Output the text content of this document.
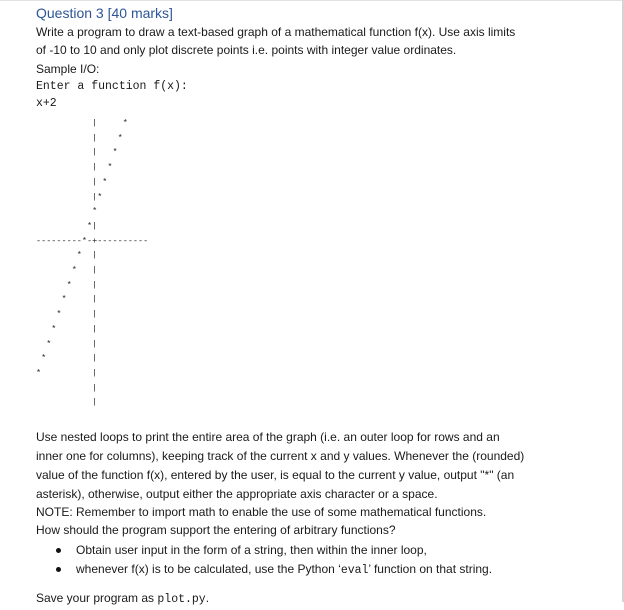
Question 3 [40 marks]
Write a program to draw a text-based graph of a mathematical function f(x). Use axis limits
of -10 to 10 and only plot discrete points i.e. points with integer value ordinates.
Sample I/O:
Enter a function f(x):
x+2
|     *
|    *
|   *
|  *
| *
|*
*
*|
---------*-+----------
*  |
*   |
*    |
*     |
*      |
*       |
*        |
*         |
*          |
|
|
Use nested loops to print the entire area of the graph (i.e. an outer loop for rows and an
inner one for columns), keeping track of the current x and y values. Whenever the (rounded)
value of the function f(x), entered by the user, is equal to the current y value, output "*" (an
asterisk), otherwise, output either the appropriate axis character or a space.
NOTE: Remember to import math to enable the use of some mathematical functions.
How should the program support the entering of arbitrary functions?
Obtain user input in the form of a string, then within the inner loop,
whenever f(x) is to be calculated, use the Python ‘eval’ function on that string.
Save your program as plot.py.
